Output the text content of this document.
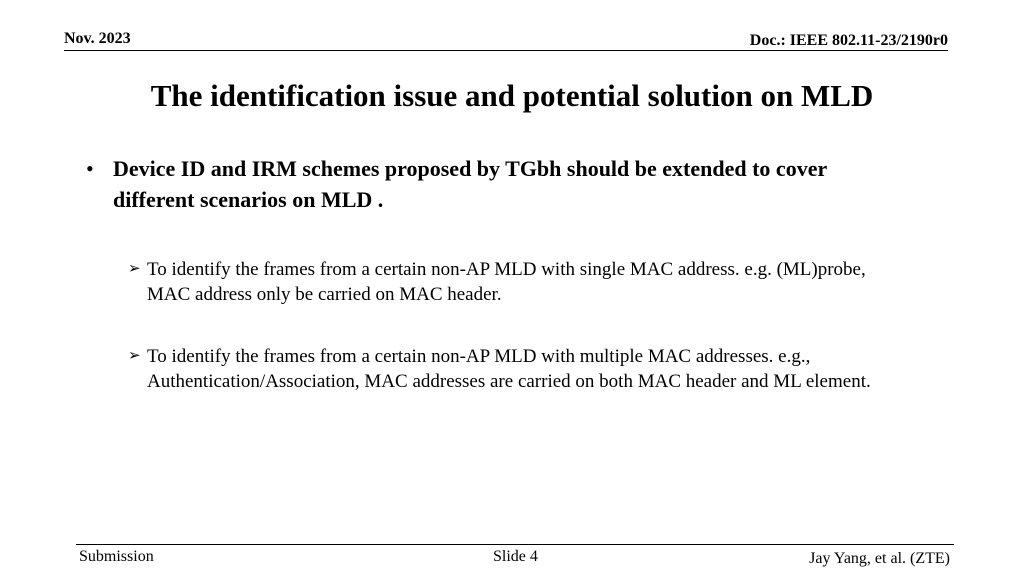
Nov. 2023	Doc.: IEEE 802.11-23/2190r0
The identification issue and potential solution on MLD
• Device ID and IRM schemes proposed by TGbh should be extended to cover different scenarios on MLD .
➢ To identify the frames from a certain non-AP MLD with single MAC address. e.g. (ML)probe, MAC address only be carried on MAC header.
➢ To identify the frames from a certain non-AP MLD with multiple MAC addresses. e.g., Authentication/Association, MAC addresses are carried on both MAC header and ML element.
Submission	Slide 4	Jay Yang, et al. (ZTE)
